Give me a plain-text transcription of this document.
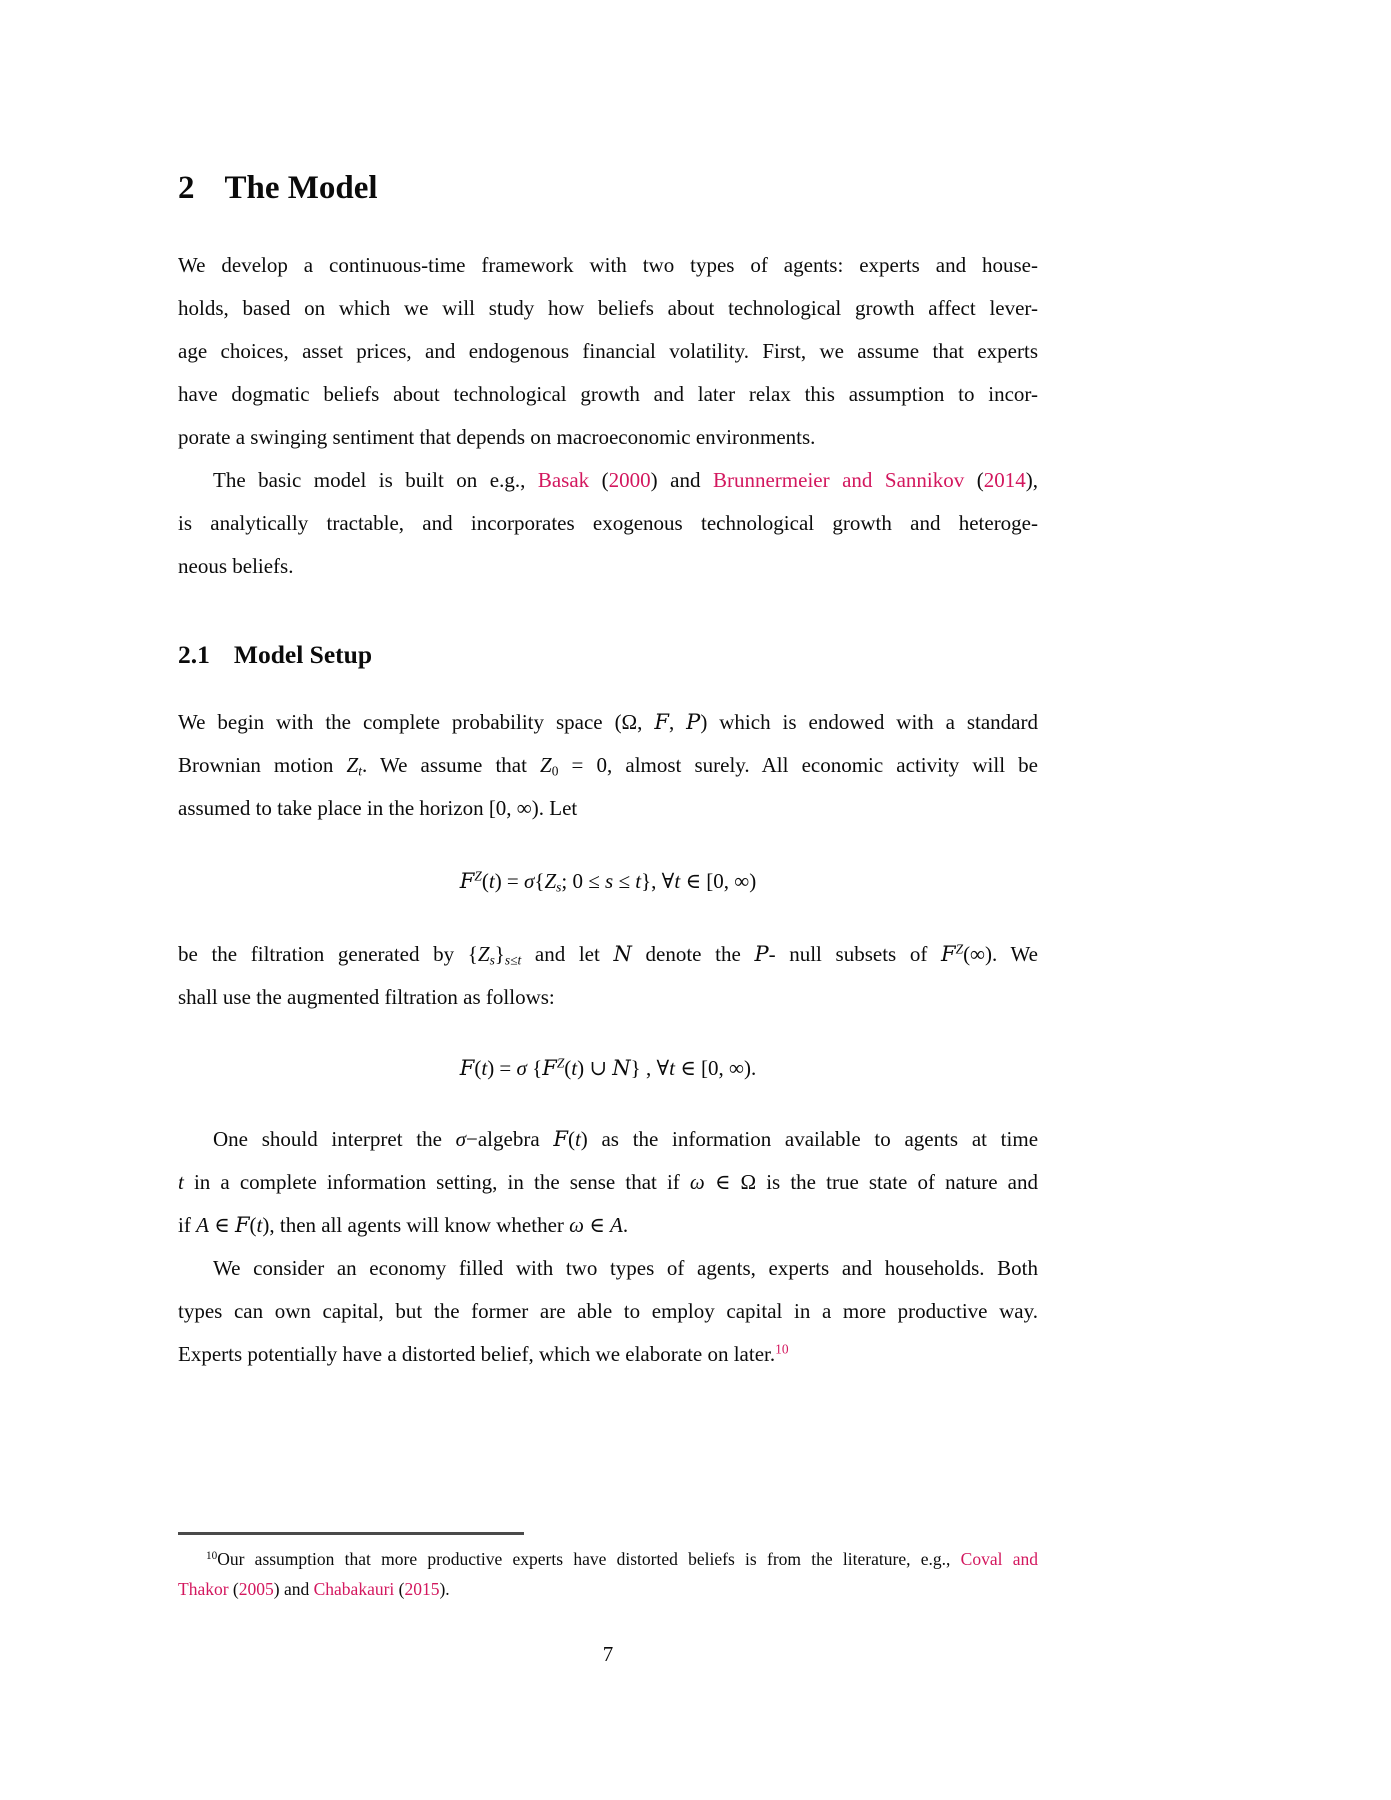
2 The Model
We develop a continuous-time framework with two types of agents: experts and house-
holds, based on which we will study how beliefs about technological growth affect lever-
age choices, asset prices, and endogenous financial volatility. First, we assume that experts
have dogmatic beliefs about technological growth and later relax this assumption to incor-
porate a swinging sentiment that depends on macroeconomic environments.
The basic model is built on e.g., Basak (2000) and Brunnermeier and Sannikov (2014),
is analytically tractable, and incorporates exogenous technological growth and heteroge-
neous beliefs.
2.1 Model Setup
We begin with the complete probability space (Ω, F, P) which is endowed with a standard
Brownian motion $Z_t$. We assume that $Z_0 = 0$, almost surely. All economic activity will be
assumed to take place in the horizon [0, ∞). Let
$F^Z(t) = \sigma\{Z_s$; 0 ≤ s ≤ t}, ∀t ∈ [0, ∞)
be the filtration generated by $\{Z_s\}_{s\le t}$ and let N denote the P- null subsets of $F^Z(\infty)$. We
shall use the augmented filtration as follows:
F(t) = σ {$F^Z(t)$ ∪ N} , ∀t ∈ [0, ∞).
One should interpret the σ−algebra F(t) as the information available to agents at time
t in a complete information setting, in the sense that if ω ∈ Ω is the true state of nature and
if A ∈ F(t), then all agents will know whether ω ∈ A.
We consider an economy filled with two types of agents, experts and households. Both
types can own capital, but the former are able to employ capital in a more productive way.
Experts potentially have a distorted belief, which we elaborate on later.$^{10}$
$^{10}$Our assumption that more productive experts have distorted beliefs is from the literature, e.g., Coval and
Thakor (2005) and Chabakauri (2015).
7
